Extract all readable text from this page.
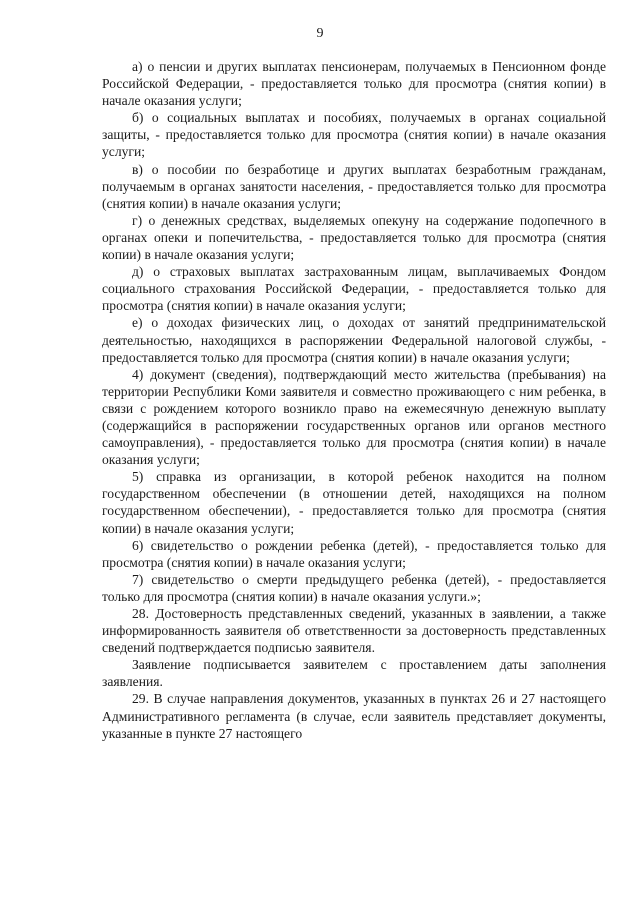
9

а) о пенсии и других выплатах пенсионерам, получаемых в Пенсионном фонде Российской Федерации, - предоставляется только для просмотра (снятия копии) в начале оказания услуги;

б) о социальных выплатах и пособиях, получаемых в органах социальной защиты, - предоставляется только для просмотра (снятия копии) в начале оказания услуги;

в) о пособии по безработице и других выплатах безработным гражданам, получаемым в органах занятости населения, - предоставляется только для просмотра (снятия копии) в начале оказания услуги;

г) о денежных средствах, выделяемых опекуну на содержание подопечного в органах опеки и попечительства, - предоставляется только для просмотра (снятия копии) в начале оказания услуги;

д) о страховых выплатах застрахованным лицам, выплачиваемых Фондом социального страхования Российской Федерации, - предоставляется только для просмотра (снятия копии) в начале оказания услуги;

е) о доходах физических лиц, о доходах от занятий предпринимательской деятельностью, находящихся в распоряжении Федеральной налоговой службы, - предоставляется только для просмотра (снятия копии) в начале оказания услуги;

4) документ (сведения), подтверждающий место жительства (пребывания) на территории Республики Коми заявителя и совместно проживающего с ним ребенка, в связи с рождением которого возникло право на ежемесячную денежную выплату (содержащийся в распоряжении государственных органов или органов местного самоуправления), - предоставляется только для просмотра (снятия копии) в начале оказания услуги;

5) справка из организации, в которой ребенок находится на полном государственном обеспечении (в отношении детей, находящихся на полном государственном обеспечении), - предоставляется только для просмотра (снятия копии) в начале оказания услуги;

6) свидетельство о рождении ребенка (детей), - предоставляется только для просмотра (снятия копии) в начале оказания услуги;

7) свидетельство о смерти предыдущего ребенка (детей), - предоставляется только для просмотра (снятия копии) в начале оказания услуги.»;

28. Достоверность представленных сведений, указанных в заявлении, а также информированность заявителя об ответственности за достоверность представленных сведений подтверждается подписью заявителя.

Заявление подписывается заявителем с проставлением даты заполнения заявления.

29. В случае направления документов, указанных в пунктах 26 и 27 настоящего Административного регламента (в случае, если заявитель представляет документы, указанные в пункте 27 настоящего
